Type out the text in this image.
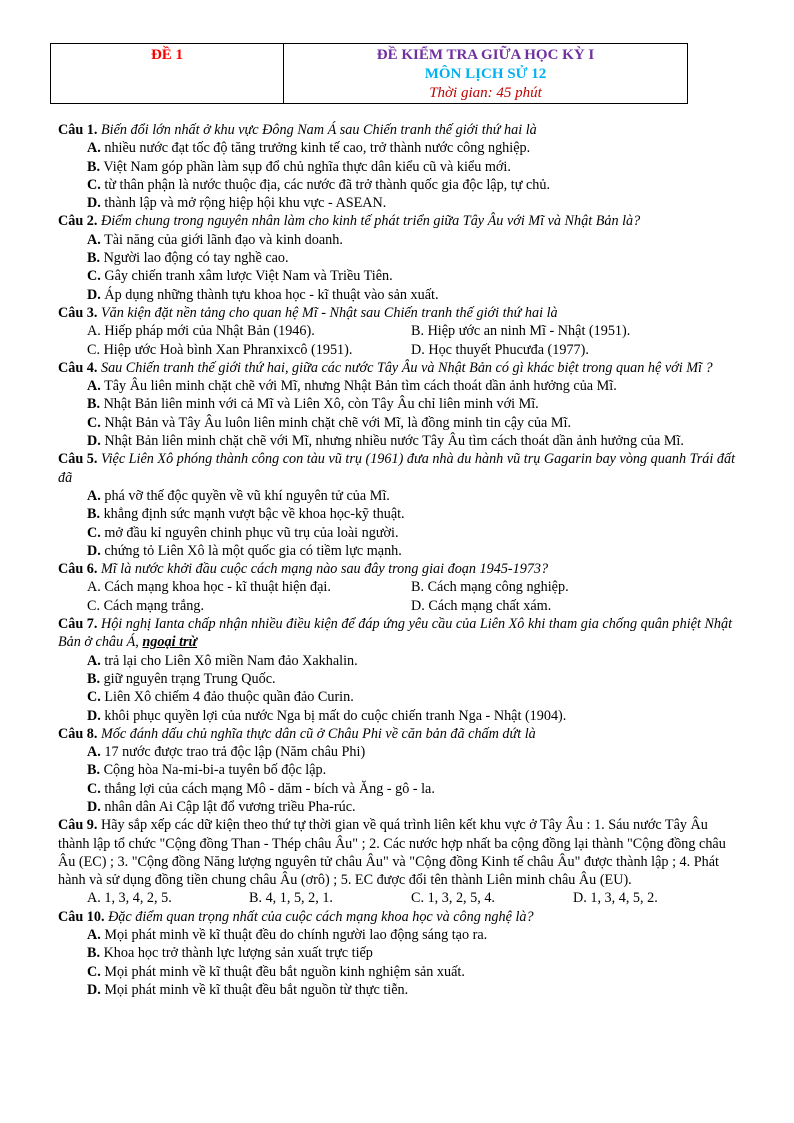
ĐỀ 1	ĐỀ KIỂM TRA GIỮA HỌC KỲ I
MÔN LỊCH SỬ 12
Thời gian: 45 phút

Câu 1. Biến đổi lớn nhất ở khu vực Đông Nam Á sau Chiến tranh thế giới thứ hai là

A. nhiều nước đạt tốc độ tăng trưởng kinh tế cao, trở thành nước công nghiệp.

B. Việt Nam góp phần làm sụp đổ chủ nghĩa thực dân kiểu cũ và kiểu mới.

C. từ thân phận là nước thuộc địa, các nước đã trở thành quốc gia độc lập, tự chủ.

D. thành lập và mở rộng hiệp hội khu vực - ASEAN.

Câu 2. Điểm chung trong nguyên nhân làm cho kinh tế phát triển giữa Tây Âu với Mĩ và Nhật Bản là?

A. Tài năng của giới lãnh đạo và kinh doanh.

B. Người lao động có tay nghề cao.

C. Gây chiến tranh xâm lược Việt Nam và Triều Tiên.

D. Áp dụng những thành tựu khoa học - kĩ thuật vào sản xuất.

Câu 3. Văn kiện đặt nền tảng cho quan hệ Mĩ - Nhật sau Chiến tranh thế giới thứ hai là

A. Hiếp pháp mới của Nhật Bản (1946).	B. Hiệp ước an ninh Mĩ - Nhật (1951).
C. Hiệp ước Hoà bình Xan Phranxixcô (1951).	D. Học thuyết Phucưđa (1977).

Câu 4. Sau Chiến tranh thế giới thứ hai, giữa các nước Tây Âu và Nhật Bản có gì khác biệt trong quan hệ với Mĩ ?

A. Tây Âu liên minh chặt chẽ với Mĩ, nhưng Nhật Bản tìm cách thoát dần ảnh hưởng của Mĩ.

B. Nhật Bản liên minh với cả Mĩ và Liên Xô, còn Tây Âu chỉ liên minh với Mĩ.

C. Nhật Bản và Tây Âu luôn liên minh chặt chẽ với Mĩ, là đồng minh tin cậy của Mĩ.

D. Nhật Bản liên minh chặt chẽ với Mĩ, nhưng nhiều nước Tây Âu tìm cách thoát dần ảnh hưởng của Mĩ.

Câu 5. Việc Liên Xô phóng thành công con tàu vũ trụ (1961) đưa nhà du hành vũ trụ Gagarin bay vòng quanh Trái đất đã

A. phá vỡ thế độc quyền về vũ khí nguyên tử của Mĩ.

B. khẳng định sức mạnh vượt bậc về khoa học-kỹ thuật.

C. mở đầu kỉ nguyên chinh phục vũ trụ của loài người.

D. chứng tỏ Liên Xô là một quốc gia có tiềm lực mạnh.

Câu 6. Mĩ là nước khởi đầu cuộc cách mạng nào sau đây trong giai đoạn 1945-1973?

A. Cách mạng khoa học - kĩ thuật hiện đại.	B. Cách mạng công nghiệp.
C. Cách mạng trắng.	D. Cách mạng chất xám.

Câu 7. Hội nghị Ianta chấp nhận nhiều điều kiện để đáp ứng yêu cầu của Liên Xô khi tham gia chống quân phiệt Nhật Bản ở châu Á, ngoại trừ

A. trả lại cho Liên Xô miền Nam đảo Xakhalin.

B. giữ nguyên trạng Trung Quốc.

C. Liên Xô chiếm 4 đảo thuộc quần đảo Curin.

D. khôi phục quyền lợi của nước Nga bị mất do cuộc chiến tranh Nga - Nhật (1904).

Câu 8. Mốc đánh dấu chủ nghĩa thực dân cũ ở Châu Phi về căn bản đã chấm dứt là

A. 17 nước được trao trả độc lập (Năm châu Phi)

B. Cộng hòa Na-mi-bi-a tuyên bố độc lập.

C. thắng lợi của cách mạng Mô - dăm - bích và Ăng - gô - la.

D. nhân dân Ai Cập lật đổ vương triều Pha-rúc.

Câu 9. Hãy sắp xếp các dữ kiện theo thứ tự thời gian về quá trình liên kết khu vực ở Tây Âu : 1. Sáu nước Tây Âu thành lập tổ chức "Cộng đồng Than - Thép châu Âu" ; 2. Các nước hợp nhất ba cộng đồng lại thành "Cộng đồng châu Âu (EC) ; 3. "Cộng đồng Năng lượng nguyên tử châu Âu" và "Cộng đồng Kinh tế châu Âu" được thành lập ; 4. Phát hành và sử dụng đồng tiền chung châu Âu (ơrô) ; 5. EC được đổi tên thành Liên minh châu Âu (EU).

A. 1, 3, 4, 2, 5.	B. 4, 1, 5, 2, 1.	C. 1, 3, 2, 5, 4.	D. 1, 3, 4, 5, 2.

Câu 10. Đặc điểm quan trọng nhất của cuộc cách mạng khoa học và công nghệ là?

A. Mọi phát minh về kĩ thuật đều do chính người lao động sáng tạo ra.

B. Khoa học trở thành lực lượng sản xuất trực tiếp

C. Mọi phát minh về kĩ thuật đều bắt nguồn kinh nghiệm sản xuất.

D. Mọi phát minh về kĩ thuật đều bắt nguồn từ thực tiễn.
